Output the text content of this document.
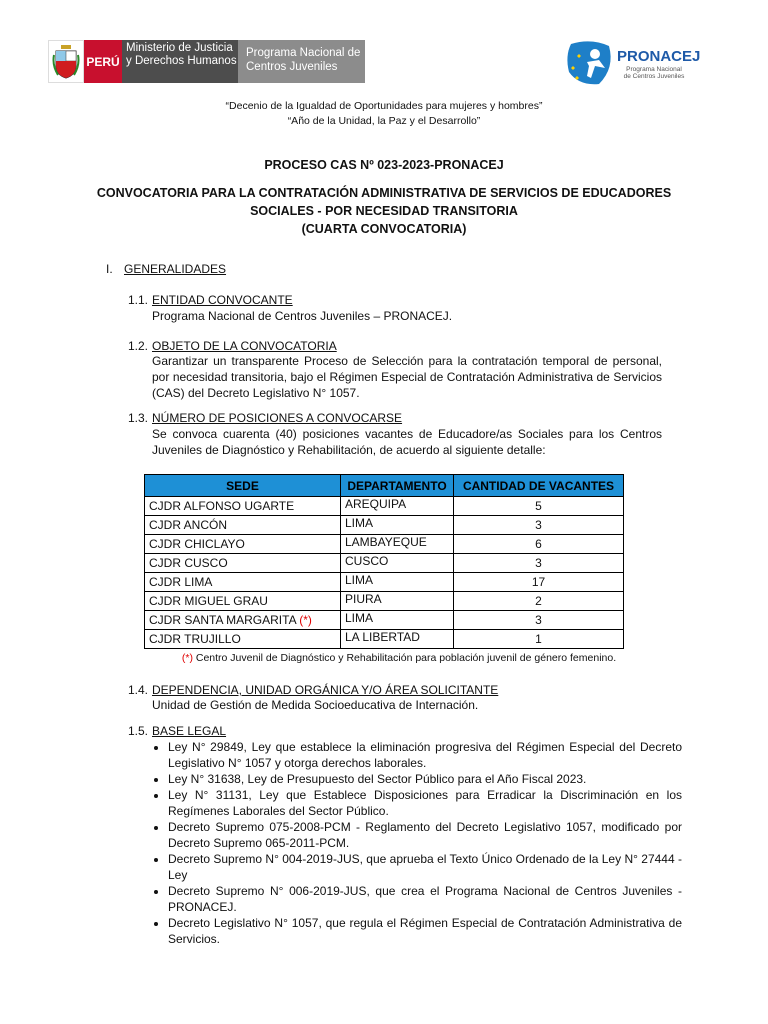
PERÚ
Ministerio de Justicia y Derechos Humanos
Programa Nacional de Centros Juveniles
PRONACEJ
Programa Nacional de Centros Juveniles
“Decenio de la Igualdad de Oportunidades para mujeres y hombres”
“Año de la Unidad, la Paz y el Desarrollo”
PROCESO CAS Nº 023-2023-PRONACEJ
CONVOCATORIA PARA LA CONTRATACIÓN ADMINISTRATIVA DE SERVICIOS DE EDUCADORES
SOCIALES - POR NECESIDAD TRANSITORIA
(CUARTA CONVOCATORIA)
I. GENERALIDADES
1.1. ENTIDAD CONVOCANTE
Programa Nacional de Centros Juveniles – PRONACEJ.
1.2. OBJETO DE LA CONVOCATORIA
Garantizar un transparente Proceso de Selección para la contratación temporal de personal, por necesidad transitoria, bajo el Régimen Especial de Contratación Administrativa de Servicios (CAS) del Decreto Legislativo N° 1057.
1.3. NÚMERO DE POSICIONES A CONVOCARSE
Se convoca cuarenta (40) posiciones vacantes de Educadore/as Sociales para los Centros Juveniles de Diagnóstico y Rehabilitación, de acuerdo al siguiente detalle:
SEDE	DEPARTAMENTO	CANTIDAD DE VACANTES
CJDR ALFONSO UGARTE	AREQUIPA	5
CJDR ANCÓN	LIMA	3
CJDR CHICLAYO	LAMBAYEQUE	6
CJDR CUSCO	CUSCO	3
CJDR LIMA	LIMA	17
CJDR MIGUEL GRAU	PIURA	2
CJDR SANTA MARGARITA (*)	LIMA	3
CJDR TRUJILLO	LA LIBERTAD	1
(*) Centro Juvenil de Diagnóstico y Rehabilitación para población juvenil de género femenino.
1.4. DEPENDENCIA, UNIDAD ORGÁNICA Y/O ÁREA SOLICITANTE
Unidad de Gestión de Medida Socioeducativa de Internación.
1.5. BASE LEGAL
• Ley N° 29849, Ley que establece la eliminación progresiva del Régimen Especial del Decreto Legislativo N° 1057 y otorga derechos laborales.
• Ley N° 31638, Ley de Presupuesto del Sector Público para el Año Fiscal 2023.
• Ley N° 31131, Ley que Establece Disposiciones para Erradicar la Discriminación en los Regímenes Laborales del Sector Público.
• Decreto Supremo 075-2008-PCM - Reglamento del Decreto Legislativo 1057, modificado por Decreto Supremo 065-2011-PCM.
• Decreto Supremo N° 004-2019-JUS, que aprueba el Texto Único Ordenado de la Ley N° 27444 - Ley
• Decreto Supremo N° 006-2019-JUS, que crea el Programa Nacional de Centros Juveniles - PRONACEJ.
• Decreto Legislativo N° 1057, que regula el Régimen Especial de Contratación Administrativa de Servicios.
